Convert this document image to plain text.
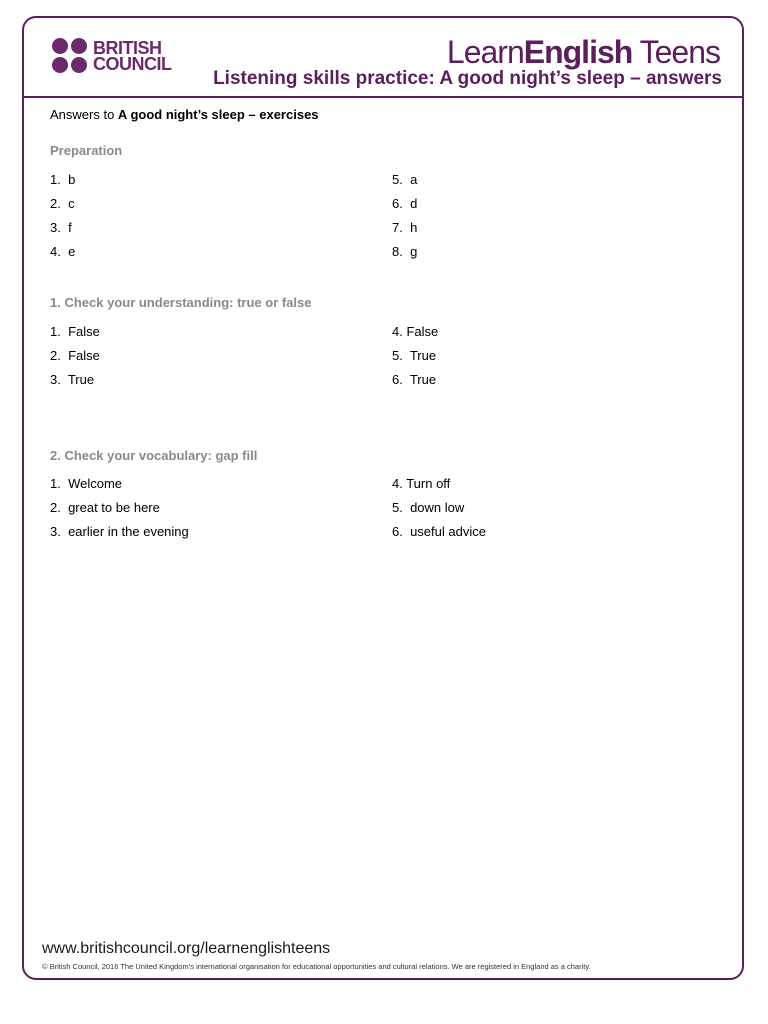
BRITISH
COUNCIL	LearnEnglish Teens
Listening skills practice: A good night’s sleep – answers
Answers to A good night’s sleep – exercises
Preparation
1.  b
2.  c
3.  f
4.  e
5.  a
6.  d
7.  h
8.  g
1. Check your understanding: true or false
1.  False
2.  False
3.  True
4. False
5.  True
6.  True
2. Check your vocabulary: gap fill
1.  Welcome
2.  great to be here
3.  earlier in the evening
4. Turn off
5.  down low
6.  useful advice
www.britishcouncil.org/learnenglishteens
© British Council, 2016 The United Kingdom’s international organisation for educational opportunities and cultural relations. We are registered in England as a charity.
